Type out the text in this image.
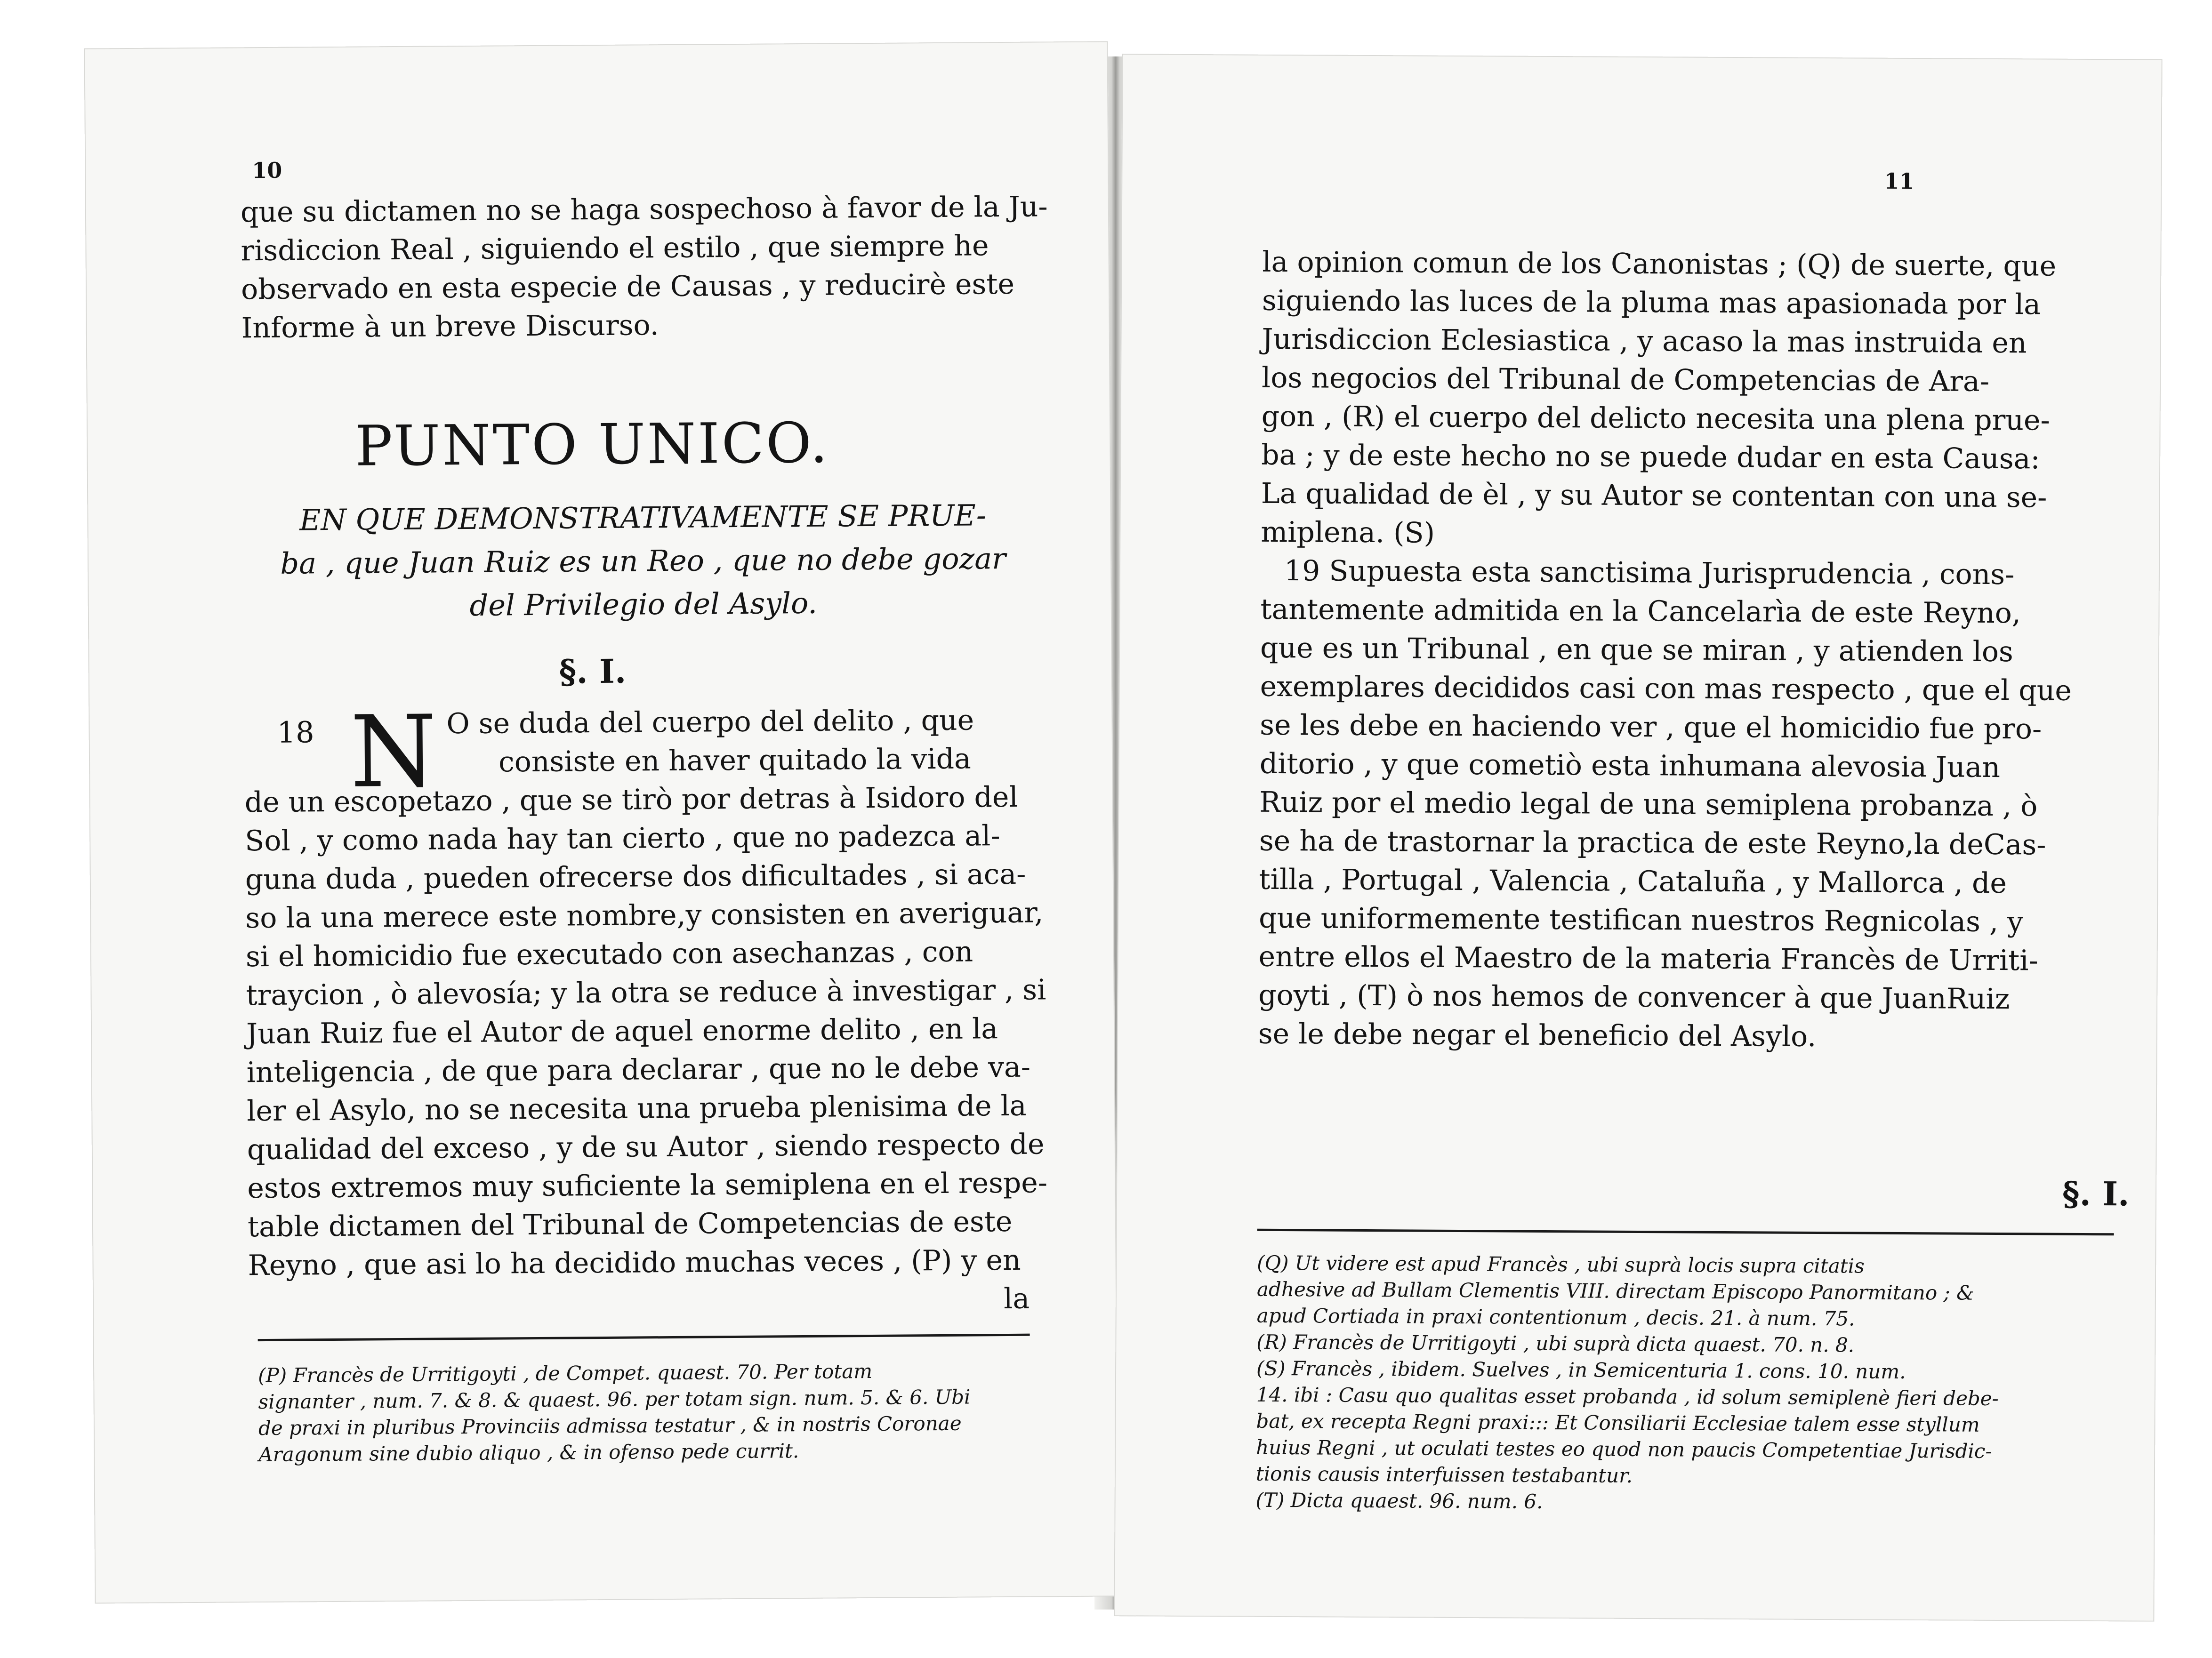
10
que su dictamen no se haga sospechoso à favor de la Ju-
risdiccion Real , siguiendo el estilo , que siempre he
observado en esta especie de Causas , y reducirè este
Informe à un breve Discurso.
PUNTO UNICO.
EN QUE DEMONSTRATIVAMENTE SE PRUE-
ba , que Juan Ruiz es un Reo , que no debe gozar
del Privilegio del Asylo.
§. I.
18 N O se duda del cuerpo del delito , que
consiste en haver quitado la vida
de un escopetazo , que se tirò por detras à Isidoro del
Sol , y como nada hay tan cierto , que no padezca al-
guna duda , pueden ofrecerse dos dificultades , si aca-
so la una merece este nombre,y consisten en averiguar,
si el homicidio fue executado con asechanzas , con
traycion , ò alevosía; y la otra se reduce à investigar , si
Juan Ruiz fue el Autor de aquel enorme delito , en la
inteligencia , de que para declarar , que no le debe va-
ler el Asylo, no se necesita una prueba plenisima de la
qualidad del exceso , y de su Autor , siendo respecto de
estos extremos muy suficiente la semiplena en el respe-
table dictamen del Tribunal de Competencias de este
Reyno , que asi lo ha decidido muchas veces , (P) y en
la
(P) Francès de Urritigoyti , de Compet. quaest. 70. Per totam
signanter , num. 7. & 8. & quaest. 96. per totam sign. num. 5. & 6. Ubi
de praxi in pluribus Provinciis admissa testatur , & in nostris Coronae
Aragonum sine dubio aliquo , & in ofenso pede currit.
11
la opinion comun de los Canonistas ; (Q) de suerte, que
siguiendo las luces de la pluma mas apasionada por la
Jurisdiccion Eclesiastica , y acaso la mas instruida en
los negocios del Tribunal de Competencias de Ara-
gon , (R) el cuerpo del delicto necesita una plena prue-
ba ; y de este hecho no se puede dudar en esta Causa:
La qualidad de èl , y su Autor se contentan con una se-
miplena. (S)
19 Supuesta esta sanctisima Jurisprudencia , cons-
tantemente admitida en la Cancelarìa de este Reyno,
que es un Tribunal , en que se miran , y atienden los
exemplares decididos casi con mas respecto , que el que
se les debe en haciendo ver , que el homicidio fue pro-
ditorio , y que cometiò esta inhumana alevosia Juan
Ruiz por el medio legal de una semiplena probanza , ò
se ha de trastornar la practica de este Reyno,la deCas-
tilla , Portugal , Valencia , Cataluña , y Mallorca , de
que uniformemente testifican nuestros Regnicolas , y
entre ellos el Maestro de la materia Francès de Urriti-
goyti , (T) ò nos hemos de convencer à que JuanRuiz
se le debe negar el beneficio del Asylo.
§. I.
(Q) Ut videre est apud Francès , ubi suprà locis supra citatis
adhesive ad Bullam Clementis VIII. directam Episcopo Panormitano ; &
apud Cortiada in praxi contentionum , decis. 21. à num. 75.
(R) Francès de Urritigoyti , ubi suprà dicta quaest. 70. n. 8.
(S) Francès , ibidem. Suelves , in Semicenturia 1. cons. 10. num.
14. ibi : Casu quo qualitas esset probanda , id solum semiplenè fieri debe-
bat, ex recepta Regni praxi::: Et Consiliarii Ecclesiae talem esse styllum
huius Regni , ut oculati testes eo quod non paucis Competentiae Jurisdic-
tionis causis interfuissen testabantur.
(T) Dicta quaest. 96. num. 6.
